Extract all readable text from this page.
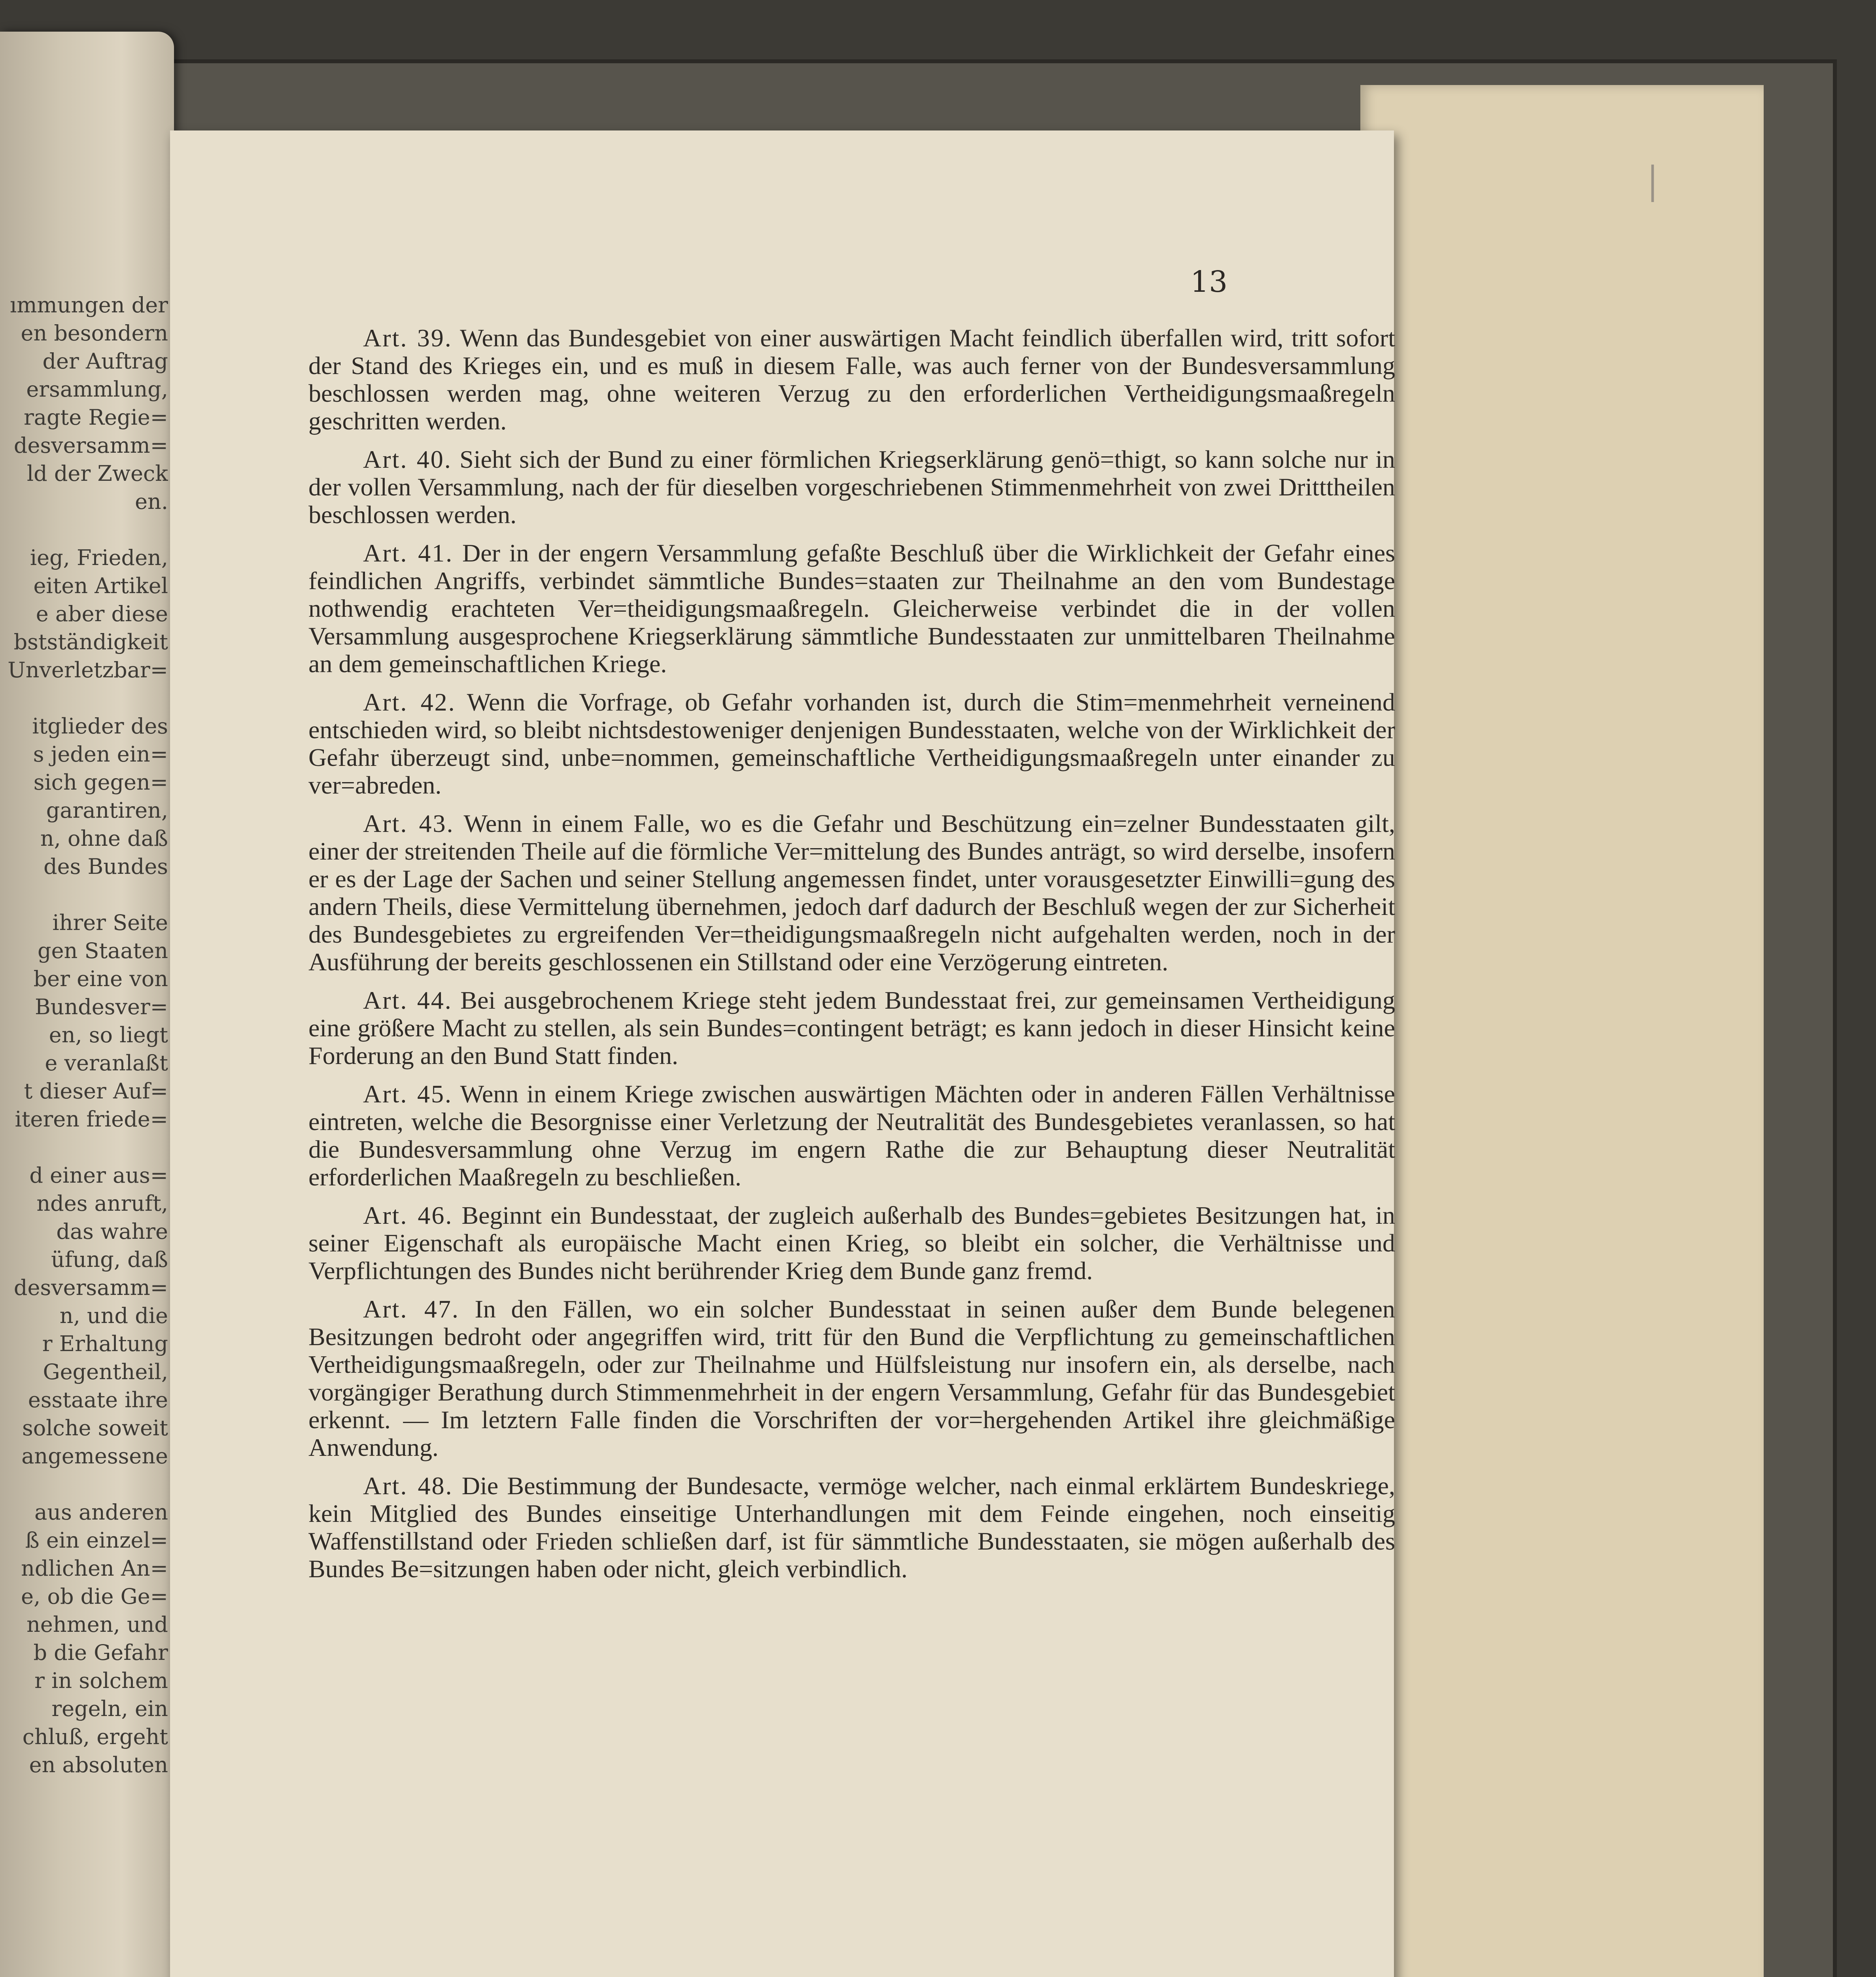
I
ımmungen der
en besondern
der Auftrag
ersammlung,
ragte Regie=
desversamm=
ld der Zweck
en.
ieg, Frieden,
eiten Artikel
e aber diese
bstständigkeit
Unverletzbar=
itglieder des
s jeden ein=
sich gegen=
garantiren,
n, ohne daß
des Bundes
ihrer Seite
gen Staaten
ber eine von
Bundesver=
en, so liegt
e veranlaßt
t dieser Auf=
iteren friede=
d einer aus=
ndes anruft,
das wahre
üfung, daß
desversamm=
n, und die
r Erhaltung
Gegentheil,
esstaate ihre
solche soweit
angemessene
aus anderen
ß ein einzel=
ndlichen An=
e, ob die Ge=
nehmen, und
b die Gefahr
r in solchem
regeln, ein
chluß, ergeht
en absoluten
13

Art. 39. Wenn das Bundesgebiet von einer auswärtigen Macht feindlich überfallen wird, tritt sofort der Stand des Krieges ein, und es muß in diesem Falle, was auch ferner von der Bundesversammlung beschlossen werden mag, ohne weiteren Verzug zu den erforderlichen Vertheidigungsmaaßregeln geschritten werden.

Art. 40. Sieht sich der Bund zu einer förmlichen Kriegserklärung genö=thigt, so kann solche nur in der vollen Versammlung, nach der für dieselben vorgeschriebenen Stimmenmehrheit von zwei Dritttheilen beschlossen werden.

Art. 41. Der in der engern Versammlung gefaßte Beschluß über die Wirklichkeit der Gefahr eines feindlichen Angriffs, verbindet sämmtliche Bundes=staaten zur Theilnahme an den vom Bundestage nothwendig erachteten Ver=theidigungsmaaßregeln. Gleicherweise verbindet die in der vollen Versammlung ausgesprochene Kriegserklärung sämmtliche Bundesstaaten zur unmittelbaren Theilnahme an dem gemeinschaftlichen Kriege.

Art. 42. Wenn die Vorfrage, ob Gefahr vorhanden ist, durch die Stim=menmehrheit verneinend entschieden wird, so bleibt nichtsdestoweniger denjenigen Bundesstaaten, welche von der Wirklichkeit der Gefahr überzeugt sind, unbe=nommen, gemeinschaftliche Vertheidigungsmaaßregeln unter einander zu ver=abreden.

Art. 43. Wenn in einem Falle, wo es die Gefahr und Beschützung ein=zelner Bundesstaaten gilt, einer der streitenden Theile auf die förmliche Ver=mittelung des Bundes anträgt, so wird derselbe, insofern er es der Lage der Sachen und seiner Stellung angemessen findet, unter vorausgesetzter Einwilli=gung des andern Theils, diese Vermittelung übernehmen, jedoch darf dadurch der Beschluß wegen der zur Sicherheit des Bundesgebietes zu ergreifenden Ver=theidigungsmaaßregeln nicht aufgehalten werden, noch in der Ausführung der bereits geschlossenen ein Stillstand oder eine Verzögerung eintreten.

Art. 44. Bei ausgebrochenem Kriege steht jedem Bundesstaat frei, zur gemeinsamen Vertheidigung eine größere Macht zu stellen, als sein Bundes=contingent beträgt; es kann jedoch in dieser Hinsicht keine Forderung an den Bund Statt finden.

Art. 45. Wenn in einem Kriege zwischen auswärtigen Mächten oder in anderen Fällen Verhältnisse eintreten, welche die Besorgnisse einer Verletzung der Neutralität des Bundesgebietes veranlassen, so hat die Bundesversammlung ohne Verzug im engern Rathe die zur Behauptung dieser Neutralität erforderlichen Maaßregeln zu beschließen.

Art. 46. Beginnt ein Bundesstaat, der zugleich außerhalb des Bundes=gebietes Besitzungen hat, in seiner Eigenschaft als europäische Macht einen Krieg, so bleibt ein solcher, die Verhältnisse und Verpflichtungen des Bundes nicht berührender Krieg dem Bunde ganz fremd.

Art. 47. In den Fällen, wo ein solcher Bundesstaat in seinen außer dem Bunde belegenen Besitzungen bedroht oder angegriffen wird, tritt für den Bund die Verpflichtung zu gemeinschaftlichen Vertheidigungsmaaßregeln, oder zur Theilnahme und Hülfsleistung nur insofern ein, als derselbe, nach vorgängiger Berathung durch Stimmenmehrheit in der engern Versammlung, Gefahr für das Bundesgebiet erkennt. — Im letztern Falle finden die Vorschriften der vor=hergehenden Artikel ihre gleichmäßige Anwendung.

Art. 48. Die Bestimmung der Bundesacte, vermöge welcher, nach einmal erklärtem Bundeskriege, kein Mitglied des Bundes einseitige Unterhandlungen mit dem Feinde eingehen, noch einseitig Waffenstillstand oder Frieden schließen darf, ist für sämmtliche Bundesstaaten, sie mögen außerhalb des Bundes Be=sitzungen haben oder nicht, gleich verbindlich.
